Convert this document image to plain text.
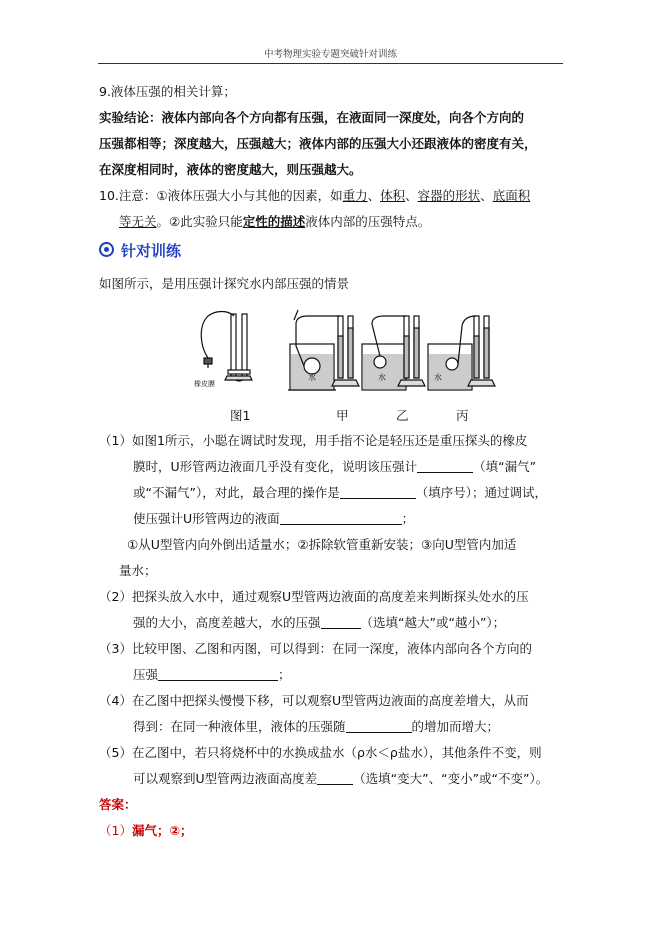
中考物理实验专题突破针对训练
9.液体压强的相关计算；
实验结论：液体内部向各个方向都有压强，在液面同一深度处，向各个方向的
压强都相等；深度越大，压强越大；液体内部的压强大小还跟液体的密度有关，
在深度相同时，液体的密度越大，则压强越大。
10.注意：①液体压强大小与其他的因素，如重力、体积、容器的形状、底面积
等无关。②此实验只能定性的描述液体内部的压强特点。
针对训练
如图所示，是用压强计探究水内部压强的情景
橡皮膜
水	水	水
图1	甲	乙	丙
（1）如图1所示，小聪在调试时发现，用手指不论是轻压还是重压探头的橡皮
膜时，U形管两边液面几乎没有变化，说明该压强计	（填“漏气”
或“不漏气”），对此，最合理的操作是	（填序号）；通过调试，
使压强计U形管两边的液面	；
①从U型管内向外倒出适量水；②拆除软管重新安装；③向U型管内加适
量水；
（2）把探头放入水中，通过观察U型管两边液面的高度差来判断探头处水的压
强的大小，高度差越大，水的压强	（选填“越大”或“越小”）；
（3）比较甲图、乙图和丙图，可以得到：在同一深度，液体内部向各个方向的
压强	；
（4）在乙图中把探头慢慢下移，可以观察U型管两边液面的高度差增大，从而
得到：在同一种液体里，液体的压强随	的增加而增大；
（5）在乙图中，若只将烧杯中的水换成盐水（ρ水＜ρ盐水），其他条件不变，则
可以观察到U型管两边液面高度差	（选填“变大”、“变小”或“不变”）。
答案：
（1）漏气；②；
